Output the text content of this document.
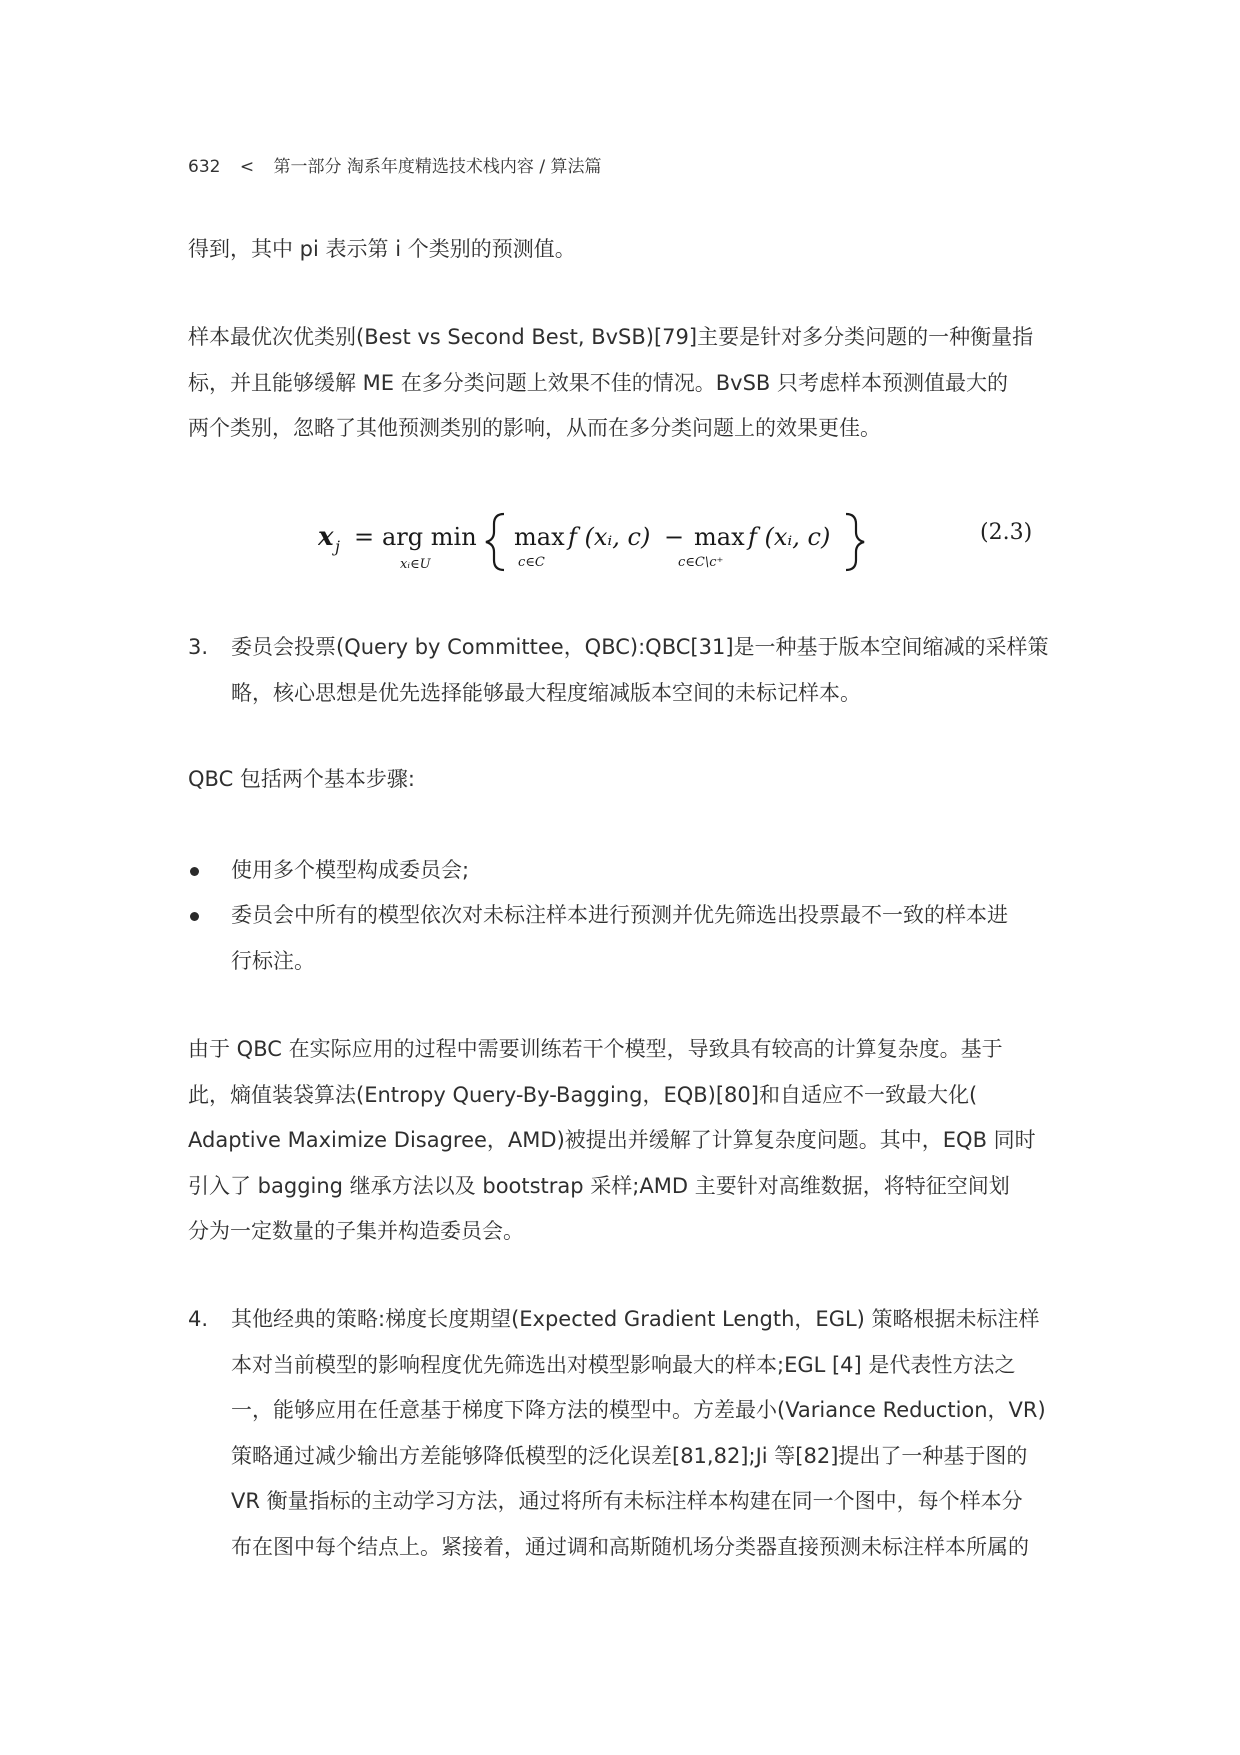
632 < 第一部分 淘系年度精选技术栈内容 / 算法篇
得到，其中 pi 表示第 i 个类别的预测值。
样本最优次优类别(Best vs Second Best, BvSB)[79]主要是针对多分类问题的一种衡量指
标，并且能够缓解 ME 在多分类问题上效果不佳的情况。BvSB 只考虑样本预测值最大的
两个类别，忽略了其他预测类别的影响，从而在多分类问题上的效果更佳。
x j = arg min
xᵢ∈U
max
c∈C
f (xᵢ, c) − max
c∈C\c⁺
f (xᵢ, c)	(2.3)
3. 委员会投票(Query by Committee，QBC):QBC[31]是一种基于版本空间缩减的采样策
略，核心思想是优先选择能够最大程度缩减版本空间的未标记样本。
QBC 包括两个基本步骤:
使用多个模型构成委员会;
委员会中所有的模型依次对未标注样本进行预测并优先筛选出投票最不一致的样本进
行标注。
由于 QBC 在实际应用的过程中需要训练若干个模型，导致具有较高的计算复杂度。基于
此，熵值装袋算法(Entropy Query-By-Bagging，EQB)[80]和自适应不一致最大化(
Adaptive Maximize Disagree，AMD)被提出并缓解了计算复杂度问题。其中，EQB 同时
引入了 bagging 继承方法以及 bootstrap 采样;AMD 主要针对高维数据，将特征空间划
分为一定数量的子集并构造委员会。
4. 其他经典的策略:梯度长度期望(Expected Gradient Length，EGL) 策略根据未标注样
本对当前模型的影响程度优先筛选出对模型影响最大的样本;EGL [4] 是代表性方法之
一，能够应用在任意基于梯度下降方法的模型中。方差最小(Variance Reduction，VR)
策略通过减少输出方差能够降低模型的泛化误差[81,82];Ji 等[82]提出了一种基于图的
VR 衡量指标的主动学习方法，通过将所有未标注样本构建在同一个图中，每个样本分
布在图中每个结点上。紧接着，通过调和高斯随机场分类器直接预测未标注样本所属的
